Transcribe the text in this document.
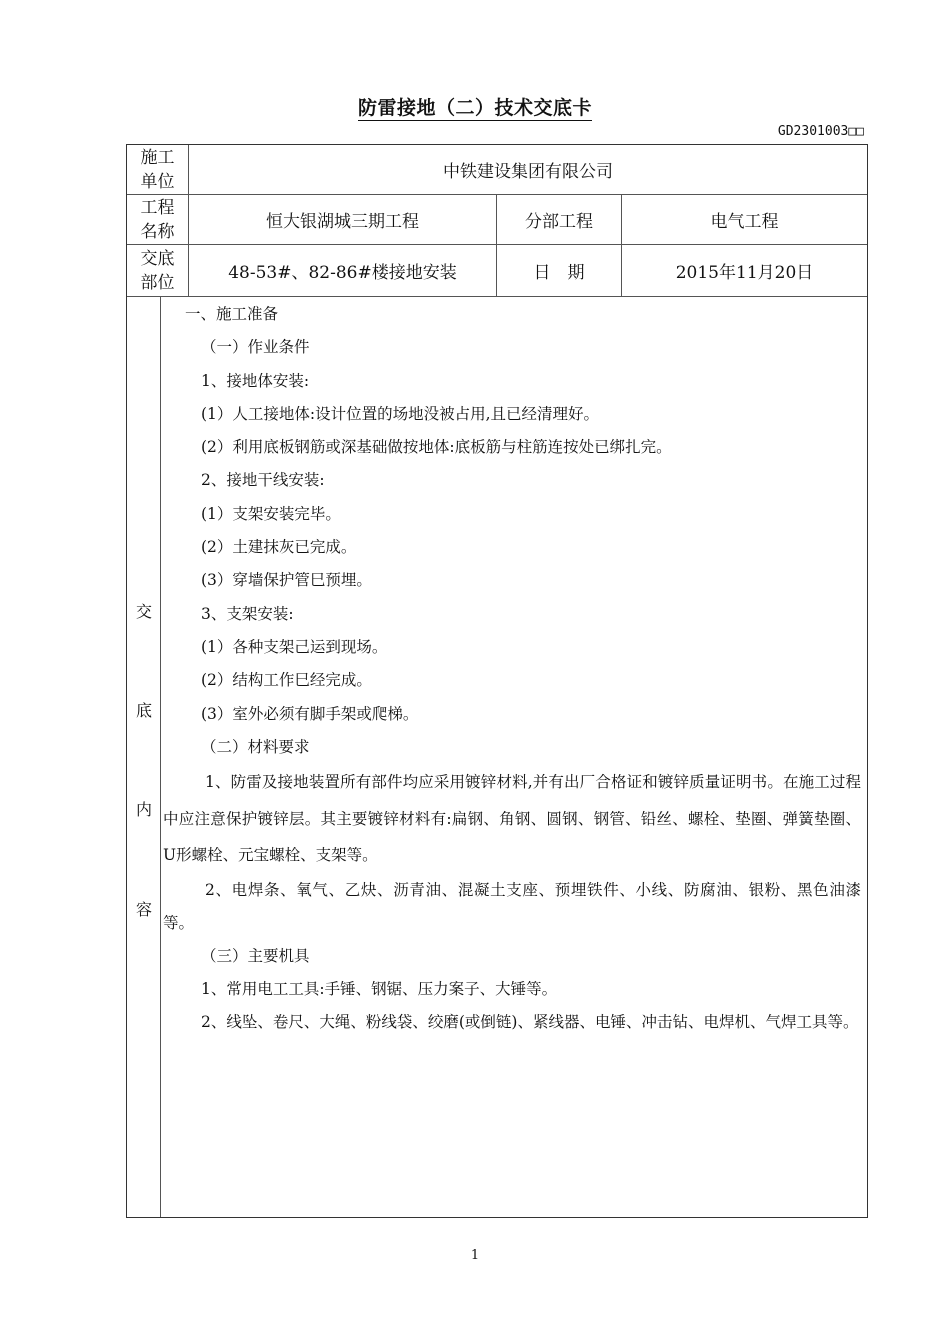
防雷接地（二）技术交底卡
GD2301003□□
施工
单位	中铁建设集团有限公司
工程
名称	恒大银湖城三期工程	分部工程	电气工程
交底
部位	48-53#、82-86#楼接地安装	日　期	2015年11月20日
交
底
内
容

一、施工准备

（一）作业条件

1、接地体安装:

(1）人工接地体:设计位置的场地没被占用,且已经清理好。

(2）利用底板钢筋或深基础做按地体:底板筋与柱筋连按处已绑扎完。

2、接地干线安装:

(1）支架安装完毕。

(2）土建抹灰已完成。

(3）穿墙保护管巳预埋。

3、支架安装:

(1）各种支架己运到现场。

(2）结构工作巳经完成。

(3）室外必须有脚手架或爬梯。

（二）材料要求

1、防雷及接地装置所有部件均应采用镀锌材料,并有出厂合格证和镀锌质量证明书。在施工过程中应注意保护镀锌层。其主要镀锌材料有:扁钢、角钢、圆钢、钢管、铅丝、螺栓、垫圈、弹簧垫圈、U形螺栓、元宝螺栓、支架等。

2、电焊条、氧气、乙炔、沥青油、混凝土支座、预埋铁件、小线、防腐油、银粉、黑色油漆等。

（三）主要机具

1、常用电工工具:手锤、钢锯、压力案子、大锤等。

2、线坠、卷尺、大绳、粉线袋、绞磨(或倒链)、紧线器、电锤、冲击钻、电焊机、气焊工具等。

1
